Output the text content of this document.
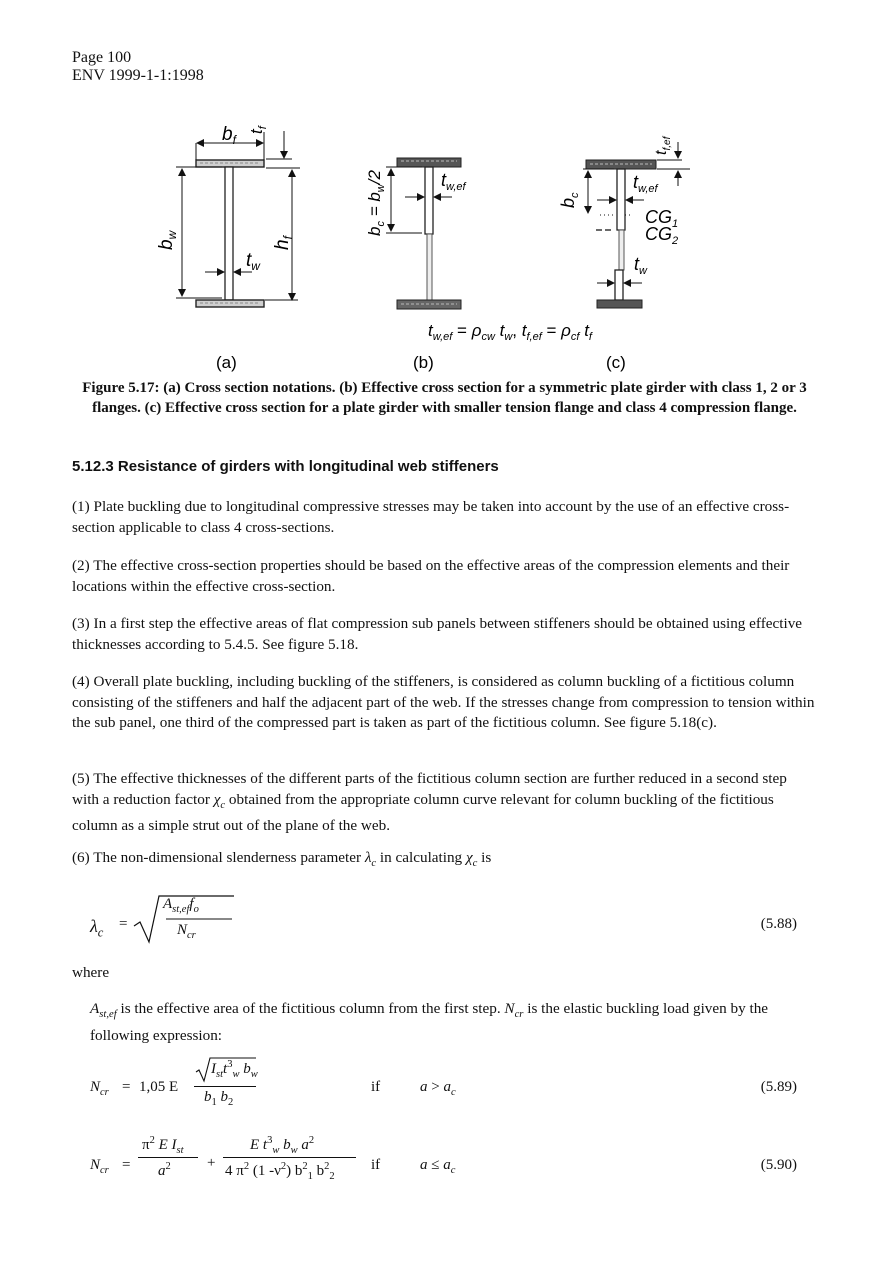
Page 100
ENV 1999-1-1:1998
$b_f$
$t_f$
$b_w$
$h_f$
$t_w$
$b_c = b_w/2$	$t_{w,ef}$
$b_c$
$t_{f,ef}$
$t_{w,ef}$
$CG_1$
$CG_2$
$t_w$
$t_{w,ef} = \rho_{cw}$ $t_w$, $t_{f,ef} = \rho_{cf}$ $t_f$
(a)	(b)	(c)
Figure 5.17: (a) Cross section notations. (b) Effective cross section for a symmetric plate girder with class 1, 2 or 3 flanges. (c) Effective cross section for a plate girder with smaller tension flange and class 4 compression flange.
5.12.3 Resistance of girders with longitudinal web stiffeners
(1) Plate buckling due to longitudinal compressive stresses may be taken into account by the use of an effective cross-section applicable to class 4 cross-sections.
(2) The effective cross-section properties should be based on the effective areas of the compression elements and their locations within the effective cross-section.
(3) In a first step the effective areas of flat compression sub panels between stiffeners should be obtained using effective thicknesses according to 5.4.5. See figure 5.18.
(4) Overall plate buckling, including buckling of the stiffeners, is considered as column buckling of a fictitious column consisting of the stiffeners and half the adjacent part of the web. If the stresses change from compression to tension within the sub panel, one third of the compressed part is taken as part of the fictitious column. See figure 5.18(c).
(5) The effective thicknesses of the different parts of the fictitious column section are further reduced in a second step with a reduction factor $\chi_c$ obtained from the appropriate column curve relevant for column buckling of the fictitious column as a simple strut out of the plane of the web.
(6) The non-dimensional slenderness parameter $\lambda_c$ in calculating $\chi_c$ is
$\lambda_c$
=
$A_{st,ef}f_o$
$N_{cr}$
(5.88)
where
$A_{st,ef}$ is the effective area of the fictitious column from the first step. $N_{cr}$ is the elastic buckling load given by the following expression:
$N_{cr} = 1,05$ E
$I_{st}t^3_w$ $b_w$
$b_1$ $b_2$
if	$a > a_c$	(5.89)
$N_{cr}$ =
$\pi^2$ E $I_{st}$
$a^2$ +
E $t^3_w$ $b_w$ $a^2$
4 $\pi^2$ (1 $-\nu^2$) $b^2_1$ $b^2_2$
if	$a \le a_c$	(5.90)
